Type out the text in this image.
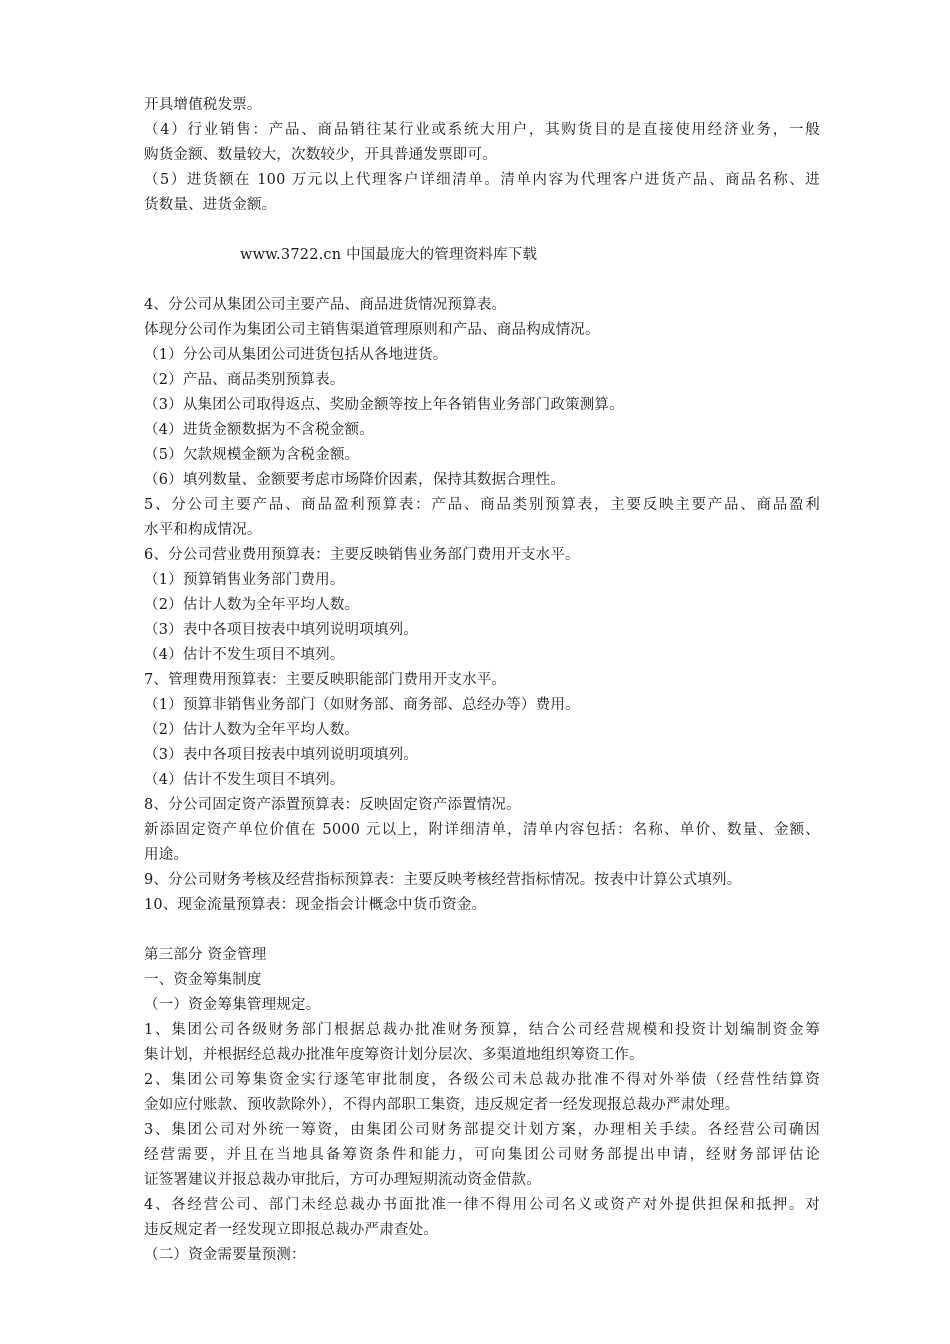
开具增值税发票。
（4）行业销售：产品、商品销往某行业或系统大用户，其购货目的是直接使用经济业务，一般
购货金额、数量较大，次数较少，开具普通发票即可。
（5）进货额在 100 万元以上代理客户详细清单。清单内容为代理客户进货产品、商品名称、进
货数量、进货金额。
www.3722.cn 中国最庞大的管理资料库下载
4、分公司从集团公司主要产品、商品进货情况预算表。
体现分公司作为集团公司主销售渠道管理原则和产品、商品构成情况。
（1）分公司从集团公司进货包括从各地进货。
（2）产品、商品类别预算表。
（3）从集团公司取得返点、奖励金额等按上年各销售业务部门政策测算。
（4）进货金额数据为不含税金额。
（5）欠款规模金额为含税金额。
（6）填列数量、金额要考虑市场降价因素，保持其数据合理性。
5、分公司主要产品、商品盈利预算表：产品、商品类别预算表，主要反映主要产品、商品盈利
水平和构成情况。
6、分公司营业费用预算表：主要反映销售业务部门费用开支水平。
（1）预算销售业务部门费用。
（2）估计人数为全年平均人数。
（3）表中各项目按表中填列说明项填列。
（4）估计不发生项目不填列。
7、管理费用预算表：主要反映职能部门费用开支水平。
（1）预算非销售业务部门（如财务部、商务部、总经办等）费用。
（2）估计人数为全年平均人数。
（3）表中各项目按表中填列说明项填列。
（4）估计不发生项目不填列。
8、分公司固定资产添置预算表：反映固定资产添置情况。
新添固定资产单位价值在 5000 元以上，附详细清单，清单内容包括：名称、单价、数量、金额、
用途。
9、分公司财务考核及经营指标预算表：主要反映考核经营指标情况。按表中计算公式填列。
10、现金流量预算表：现金指会计概念中货币资金。
第三部分 资金管理
一、资金筹集制度
（一）资金筹集管理规定。
1、集团公司各级财务部门根据总裁办批准财务预算，结合公司经营规模和投资计划编制资金筹
集计划，并根据经总裁办批准年度筹资计划分层次、多渠道地组织筹资工作。
2、集团公司筹集资金实行逐笔审批制度，各级公司未总裁办批准不得对外举债（经营性结算资
金如应付账款、预收款除外），不得内部职工集资，违反规定者一经发现报总裁办严肃处理。
3、集团公司对外统一筹资，由集团公司财务部提交计划方案，办理相关手续。各经营公司确因
经营需要，并且在当地具备筹资条件和能力，可向集团公司财务部提出申请，经财务部评估论
证签署建议并报总裁办审批后，方可办理短期流动资金借款。
4、各经营公司、部门未经总裁办书面批准一律不得用公司名义或资产对外提供担保和抵押。对
违反规定者一经发现立即报总裁办严肃查处。
（二）资金需要量预测：
